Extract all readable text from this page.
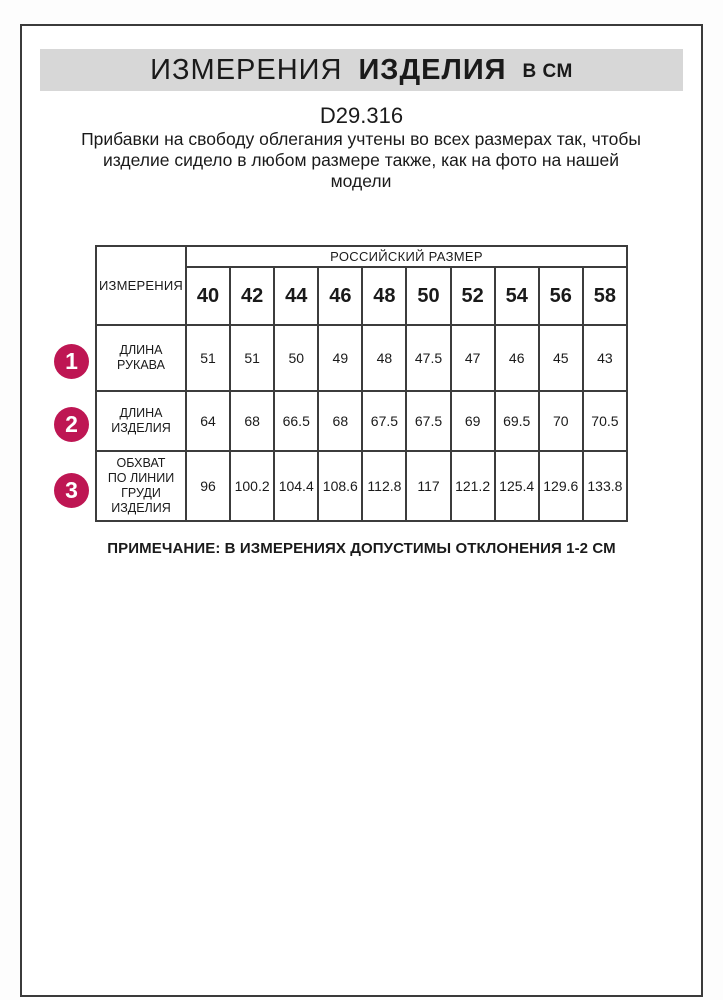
ИЗМЕРЕНИЯ ИЗДЕЛИЯ В СМ
D29.316
Прибавки на свободу облегания учтены во всех размерах так, чтобы изделие сидело в любом размере также, как на фото на нашей модели
ИЗМЕРЕНИЯ	РОССИЙСКИЙ РАЗМЕР									
	40	42	44	46	48	50	52	54	56	58
ДЛИНА РУКАВА	51	51	50	49	48	47.5	47	46	45	43
ДЛИНА ИЗДЕЛИЯ	64	68	66.5	68	67.5	67.5	69	69.5	70	70.5
ОБХВАТ ПО ЛИНИИ ГРУДИ ИЗДЕЛИЯ	96	100.2	104.4	108.6	112.8	117	121.2	125.4	129.6	133.8
1
2
3
ПРИМЕЧАНИЕ: В ИЗМЕРЕНИЯХ ДОПУСТИМЫ ОТКЛОНЕНИЯ 1-2 СМ
